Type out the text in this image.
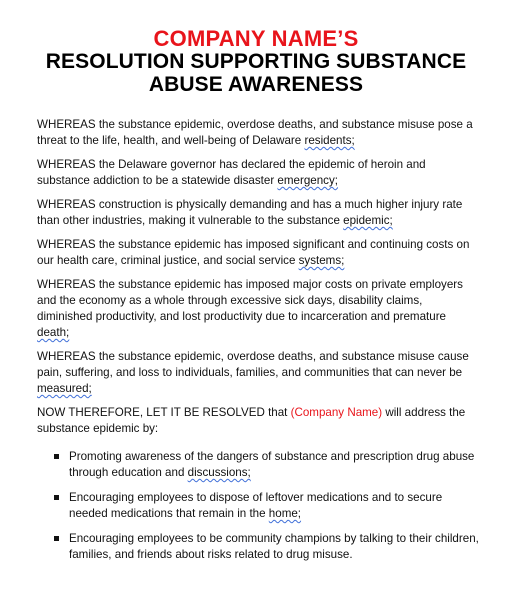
COMPANY NAME’S
RESOLUTION SUPPORTING SUBSTANCE
ABUSE AWARENESS

WHEREAS the substance epidemic, overdose deaths, and substance misuse pose a threat to the life, health, and well-being of Delaware residents;

WHEREAS the Delaware governor has declared the epidemic of heroin and substance addiction to be a statewide disaster emergency;

WHEREAS construction is physically demanding and has a much higher injury rate than other industries, making it vulnerable to the substance epidemic;

WHEREAS the substance epidemic has imposed significant and continuing costs on our health care, criminal justice, and social service systems;

WHEREAS the substance epidemic has imposed major costs on private employers and the economy as a whole through excessive sick days, disability claims, diminished productivity, and lost productivity due to incarceration and premature death;

WHEREAS the substance epidemic, overdose deaths, and substance misuse cause pain, suffering, and loss to individuals, families, and communities that can never be measured;

NOW THEREFORE, LET IT BE RESOLVED that (Company Name) will address the substance epidemic by:

Promoting awareness of the dangers of substance and prescription drug abuse through education and discussions;
Encouraging employees to dispose of leftover medications and to secure needed medications that remain in the home;
Encouraging employees to be community champions by talking to their children, families, and friends about risks related to drug misuse.
